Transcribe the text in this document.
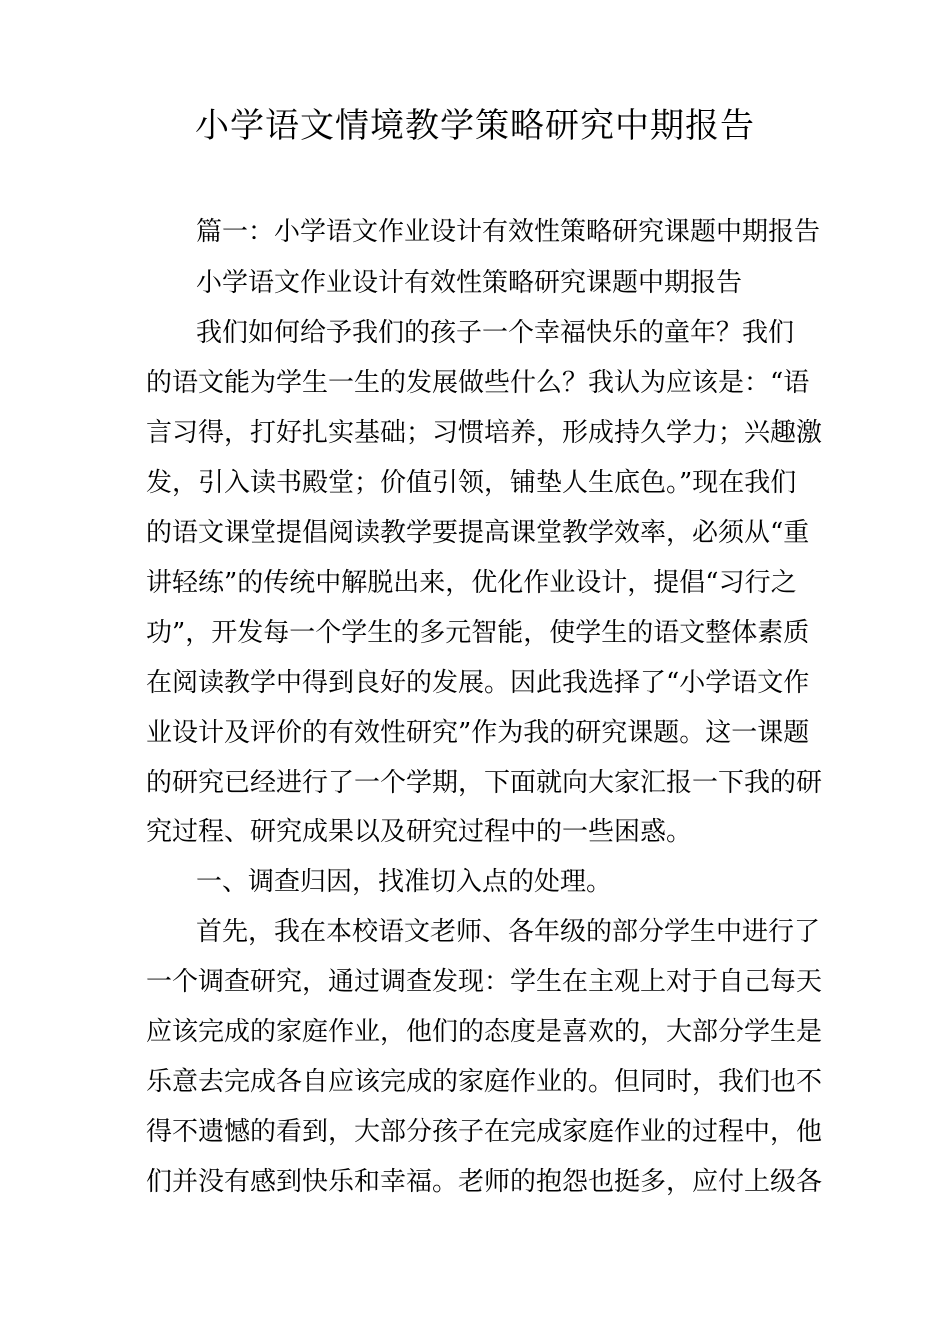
小学语文情境教学策略研究中期报告

篇一：小学语文作业设计有效性策略研究课题中期报告

小学语文作业设计有效性策略研究课题中期报告

我们如何给予我们的孩子一个幸福快乐的童年？我们

的语文能为学生一生的发展做些什么？我认为应该是：“语

言习得，打好扎实基础；习惯培养，形成持久学力；兴趣激

发，引入读书殿堂；价值引领，铺垫人生底色。”现在我们

的语文课堂提倡阅读教学要提高课堂教学效率，必须从“重

讲轻练”的传统中解脱出来，优化作业设计，提倡“习行之

功”，开发每一个学生的多元智能，使学生的语文整体素质

在阅读教学中得到良好的发展。因此我选择了“小学语文作

业设计及评价的有效性研究”作为我的研究课题。这一课题

的研究已经进行了一个学期，下面就向大家汇报一下我的研

究过程、研究成果以及研究过程中的一些困惑。

一、调查归因，找准切入点的处理。

首先，我在本校语文老师、各年级的部分学生中进行了

一个调查研究，通过调查发现：学生在主观上对于自己每天

应该完成的家庭作业，他们的态度是喜欢的，大部分学生是

乐意去完成各自应该完成的家庭作业的。但同时，我们也不

得不遗憾的看到，大部分孩子在完成家庭作业的过程中，他

们并没有感到快乐和幸福。老师的抱怨也挺多，应付上级各
